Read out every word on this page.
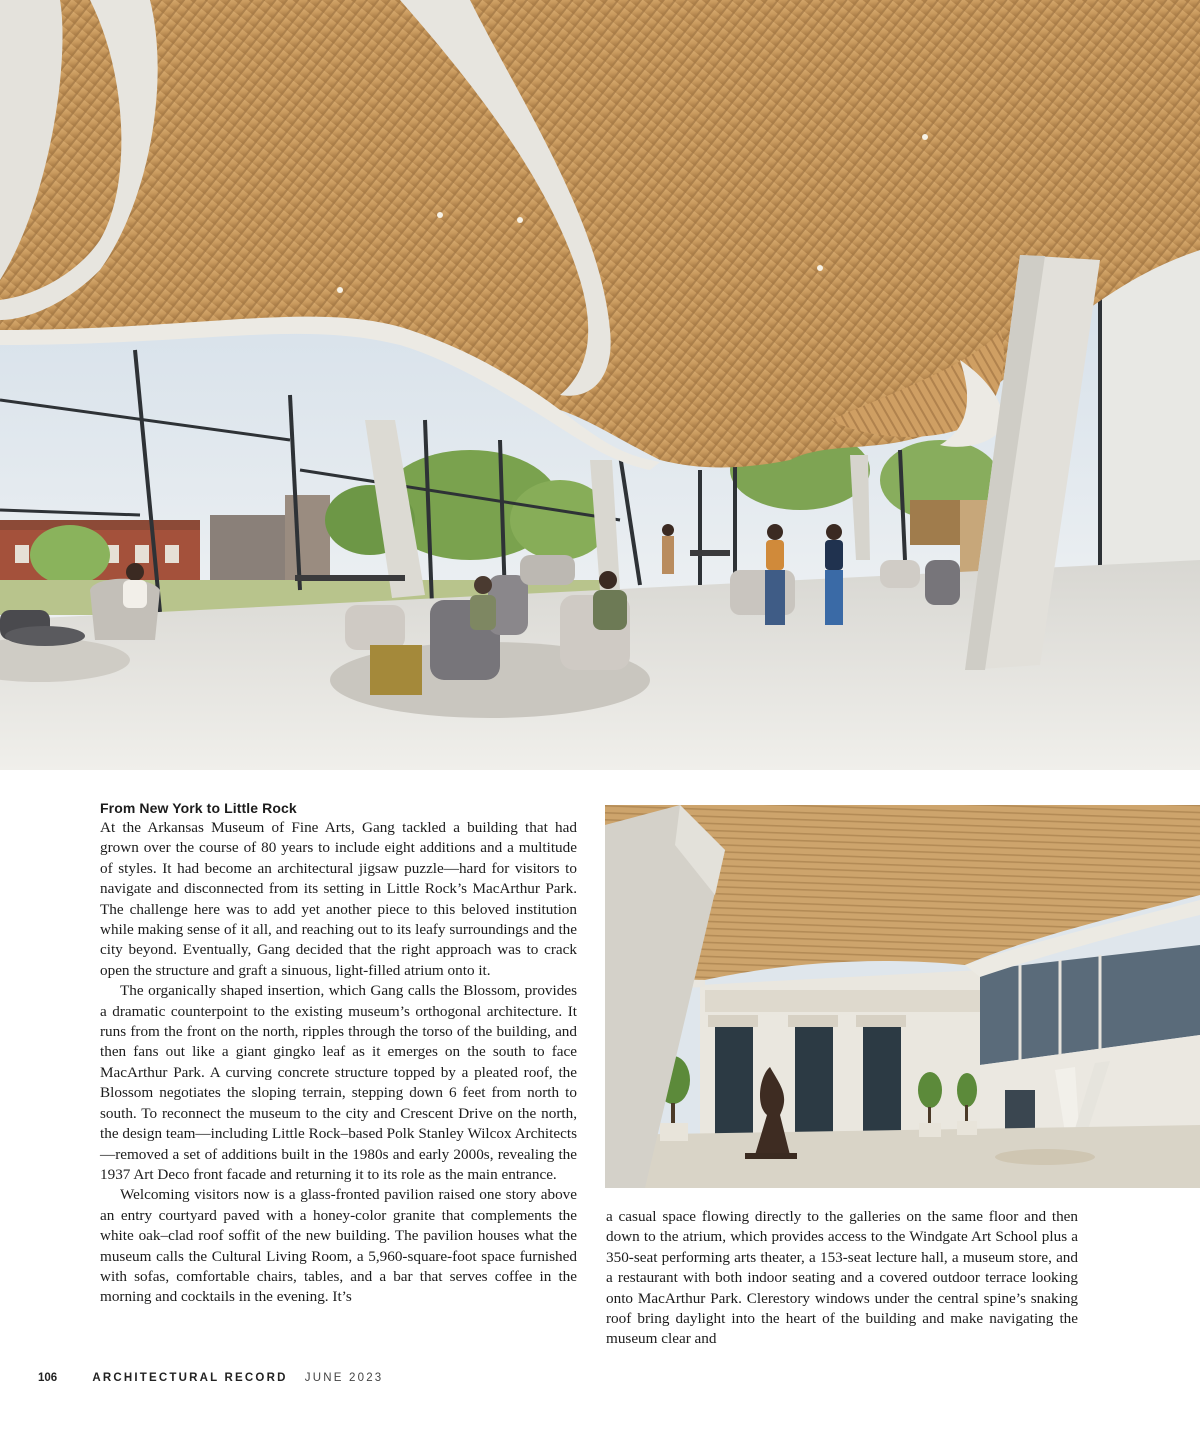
From New York to Little Rock

At the Arkansas Museum of Fine Arts, Gang tackled a building that had grown over the course of 80 years to include eight additions and a multitude of styles. It had become an architectural jigsaw puzzle—hard for visitors to navigate and disconnected from its setting in Little Rock’s MacArthur Park. The challenge here was to add yet another piece to this beloved institution while making sense of it all, and reaching out to its leafy surroundings and the city beyond. Eventually, Gang decided that the right approach was to crack open the structure and graft a sinuous, light-filled atrium onto it.

The organically shaped insertion, which Gang calls the Blossom, provides a dramatic counterpoint to the existing museum’s orthogonal architecture. It runs from the front on the north, ripples through the torso of the building, and then fans out like a giant gingko leaf as it emerges on the south to face MacArthur Park. A curving concrete structure topped by a pleated roof, the Blossom negotiates the sloping terrain, stepping down 6 feet from north to south. To reconnect the museum to the city and Crescent Drive on the north, the design team—including Little Rock–based Polk Stanley Wilcox Architects—removed a set of additions built in the 1980s and early 2000s, revealing the 1937 Art Deco front facade and returning it to its role as the main entrance.

Welcoming visitors now is a glass-fronted pavilion raised one story above an entry courtyard paved with a honey-color granite that complements the white oak–clad roof soffit of the new building. The pavilion houses what the museum calls the Cultural Living Room, a 5,960-square-foot space furnished with sofas, comfortable chairs, tables, and a bar that serves coffee in the morning and cocktails in the evening. It’s

a casual space flowing directly to the galleries on the same floor and then down to the atrium, which provides access to the Windgate Art School plus a 350-seat performing arts theater, a 153-seat lecture hall, a museum store, and a restaurant with both indoor seating and a covered outdoor terrace looking onto MacArthur Park. Clerestory windows under the central spine’s snaking roof bring daylight into the heart of the building and make navigating the museum clear and

106	ARCHITECTURAL RECORD JUNE 2023
